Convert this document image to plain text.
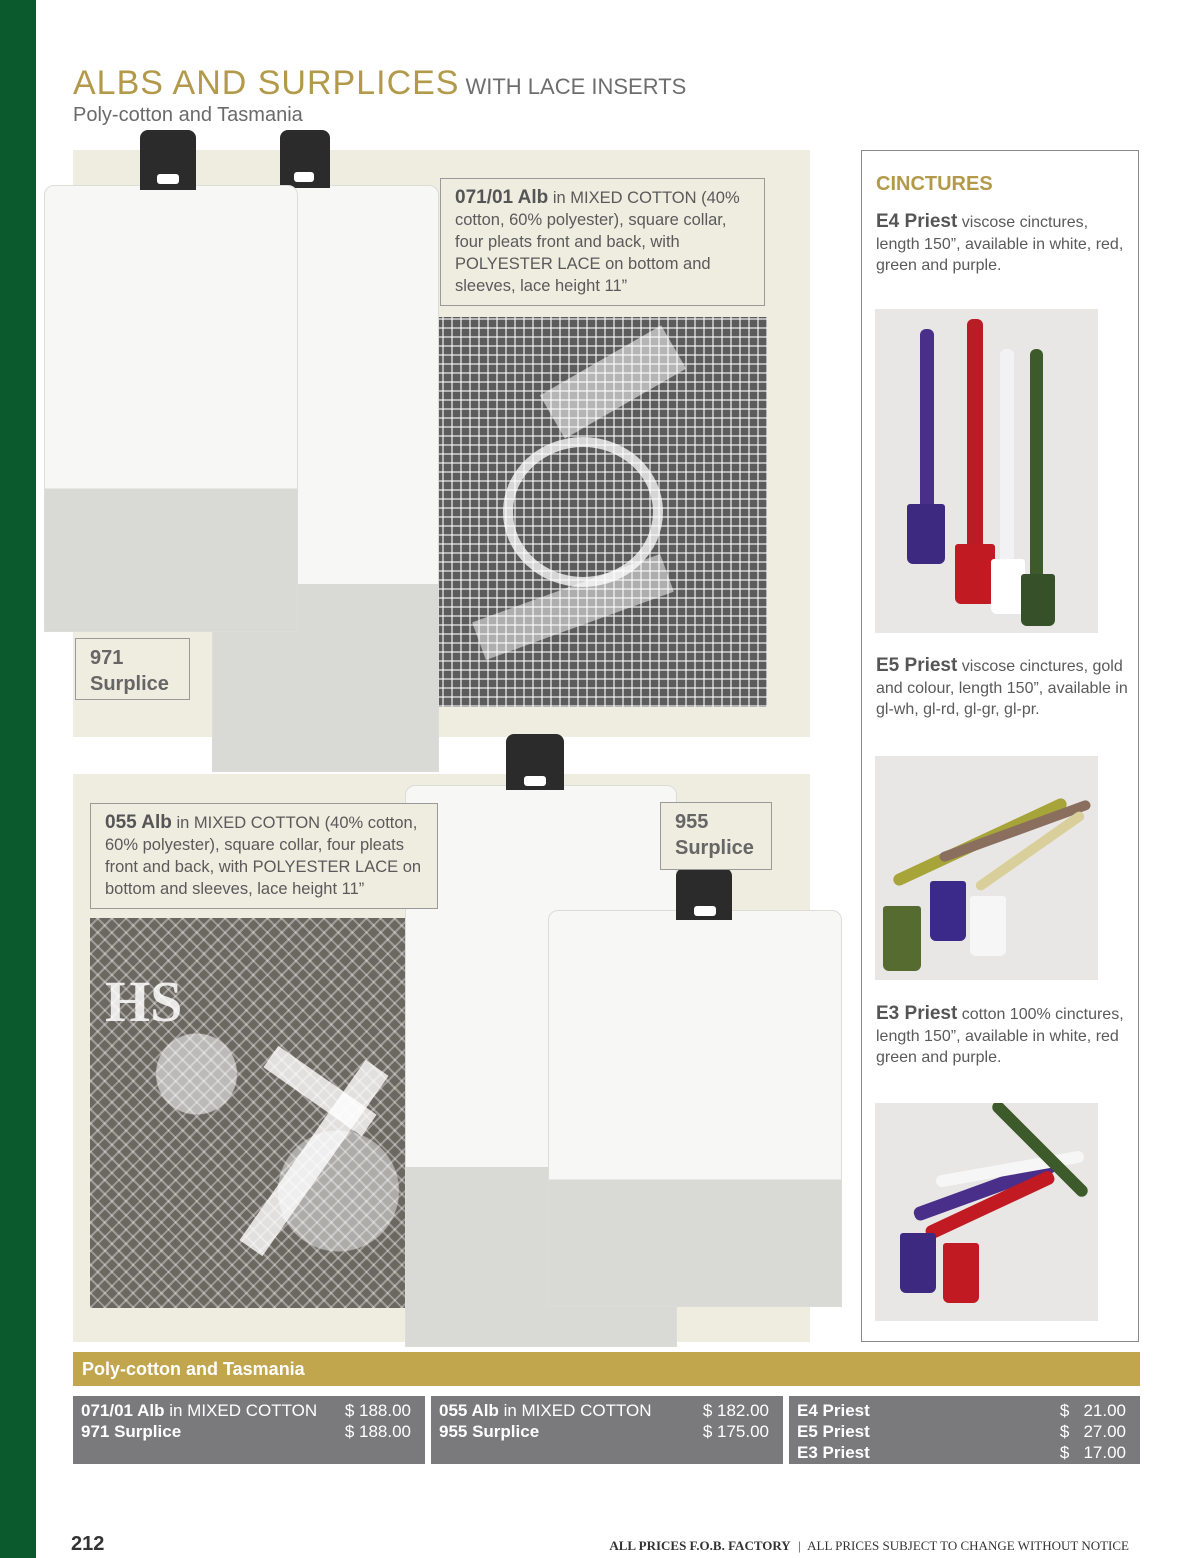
ALBS AND SURPLICES WITH LACE INSERTS
Poly-cotton and Tasmania
071/01 Alb in MIXED COTTON (40% cotton, 60% polyester), square collar, four pleats front and back, with POLYESTER LACE on bottom and sleeves, lace height 11”
971
Surplice
HS
055 Alb in MIXED COTTON (40% cotton, 60% polyester), square collar, four pleats front and back, with POLYESTER LACE on bottom and sleeves, lace height 11”
955
Surplice
CINCTURES
E4 Priest viscose cinctures, length 150”, available in white, red, green and purple.
E5 Priest viscose cinctures, gold and colour, length 150”, available in gl-wh, gl-rd, gl-gr, gl-pr.
E3 Priest cotton 100% cinctures, length 150”, available in white, red green and purple.
Poly-cotton and Tasmania
071/01 Alb in MIXED COTTON $ 188.00
971 Surplice	$ 188.00
055 Alb in MIXED COTTON	$ 182.00
955 Surplice	$ 175.00
E4 Priest	$   21.00
E5 Priest	$   27.00
E3 Priest	$   17.00
212	ALL PRICES F.O.B. FACTORY | ALL PRICES SUBJECT TO CHANGE WITHOUT NOTICE
